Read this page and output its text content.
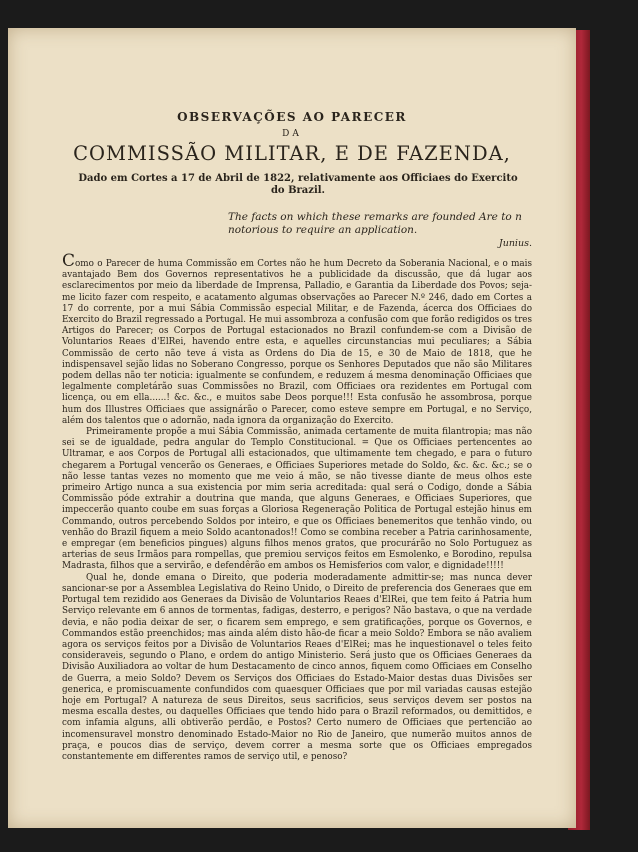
OBSERVAÇÕES AO PARECER
DA
COMMISSÃO MILITAR, E DE FAZENDA,
Dado em Cortes a 17 de Abril de 1822, relativamente aos Officiaes do Exercito do Brazil.
The facts on which these remarks are founded Are to n notorious to require an application.
Junius.

Como o Parecer de huma Commissão em Cortes não he hum Decreto da Soberania Nacional, e o mais avantajado Bem dos Governos representativos he a publicidade da discussão, que dá lugar aos esclarecimentos por meio da liberdade de Imprensa, Palladio, e Garantia da Liberdade dos Povos; seja-me licito fazer com respeito, e acatamento algumas observações ao Parecer N.º 246, dado em Cortes a 17 do corrente, por a mui Sábia Commissão especial Militar, e de Fazenda, ácerca dos Officiaes do Exercito do Brazil regressado a Portugal. He mui assombroza a confusão com que forão redigidos os tres Artigos do Parecer; os Corpos de Portugal estacionados no Brazil confundem-se com a Divisão de Voluntarios Reaes d'ElRei, havendo entre esta, e aquelles circunstancias mui peculiares; a Sábia Commissão de certo não teve á vista as Ordens do Dia de 15, e 30 de Maio de 1818, que he indispensavel sejão lidas no Soberano Congresso, porque os Senhores Deputados que não são Militares podem dellas não ter noticia: igualmente se confundem, e reduzem á mesma denominação Officiaes que legalmente completárão suas Commissões no Brazil, com Officiaes ora rezidentes em Portugal com licença, ou em ella......! &c. &c., e muitos sabe Deos porque!!! Esta confusão he assombrosa, porque hum dos Illustres Officiaes que assignárão o Parecer, como esteve sempre em Portugal, e no Serviço, além dos talentos que o adornão, nada ignora da organização do Exercito.

Primeiramente propõe a mui Sábia Commissão, animada certamente de muita filantropia; mas não sei se de igualdade, pedra angular do Templo Constitucional. = Que os Officiaes pertencentes ao Ultramar, e aos Corpos de Portugal alli estacionados, que ultimamente tem chegado, e para o futuro chegarem a Portugal vencerão os Generaes, e Officiaes Superiores metade do Soldo, &c. &c. &c.; se o não lesse tantas vezes no momento que me veio á mão, se não tivesse diante de meus olhos este primeiro Artigo nunca a sua existencia por mim seria acreditada: qual será o Codigo, donde a Sábia Commissão póde extrahir a doutrina que manda, que alguns Generaes, e Officiaes Superiores, que impeccerão quanto coube em suas forças a Gloriosa Regeneração Politica de Portugal estejão hinus em Commando, outros percebendo Soldos por inteiro, e que os Officiaes benemeritos que tenhão vindo, ou venhão do Brazil fiquem a meio Soldo acantonados!! Como se combina receber a Patria carinhosamente, e empregar (em beneficios pingues) alguns filhos menos gratos, que procurárão no Solo Portuguez as arterias de seus Irmãos para rompellas, que premiou serviços feitos em Esmolenko, e Borodino, repulsa Madrasta, filhos que a servirão, e defendêrão em ambos os Hemisferios com valor, e dignidade!!!!!

Qual he, donde emana o Direito, que poderia moderadamente admittir-se; mas nunca dever sancionar-se por a Assemblea Legislativa do Reino Unido, o Direito de preferencia dos Generaes que em Portugal tem rezidido aos Generaes da Divisão de Voluntarios Reaes d'ElRei, que tem feito á Patria hum Serviço relevante em 6 annos de tormentas, fadigas, desterro, e perigos? Não bastava, o que na verdade devia, e não podia deixar de ser, o ficarem sem emprego, e sem gratificações, porque os Governos, e Commandos estão preenchidos; mas ainda além disto hão-de ficar a meio Soldo? Embora se não avaliem agora os serviços feitos por a Divisão de Voluntarios Reaes d'ElRei; mas he inquestionavel o teles feito consideraveis, segundo o Plano, e ordem do antigo Ministerio. Será justo que os Officiaes Generaes da Divisão Auxiliadora ao voltar de hum Destacamento de cinco annos, fiquem como Officiaes em Conselho de Guerra, a meio Soldo? Devem os Serviços dos Officiaes do Estado-Maior destas duas Divisões ser generica, e promiscuamente confundidos com quaesquer Officiaes que por mil variadas causas estejão hoje em Portugal? A natureza de seus Direitos, seus sacrificios, seus serviços devem ser postos na mesma escalla destes, ou daquelles Officiaes que tendo hido para o Brazil reformados, ou demittidos, e com infamia alguns, alli obtiverão perdão, e Postos? Certo numero de Officiaes que pertencião ao incomensuravel monstro denominado Estado-Maior no Rio de Janeiro, que numerão muitos annos de praça, e poucos dias de serviço, devem correr a mesma sorte que os Officiaes empregados constantemente em differentes ramos de serviço util, e penoso?
